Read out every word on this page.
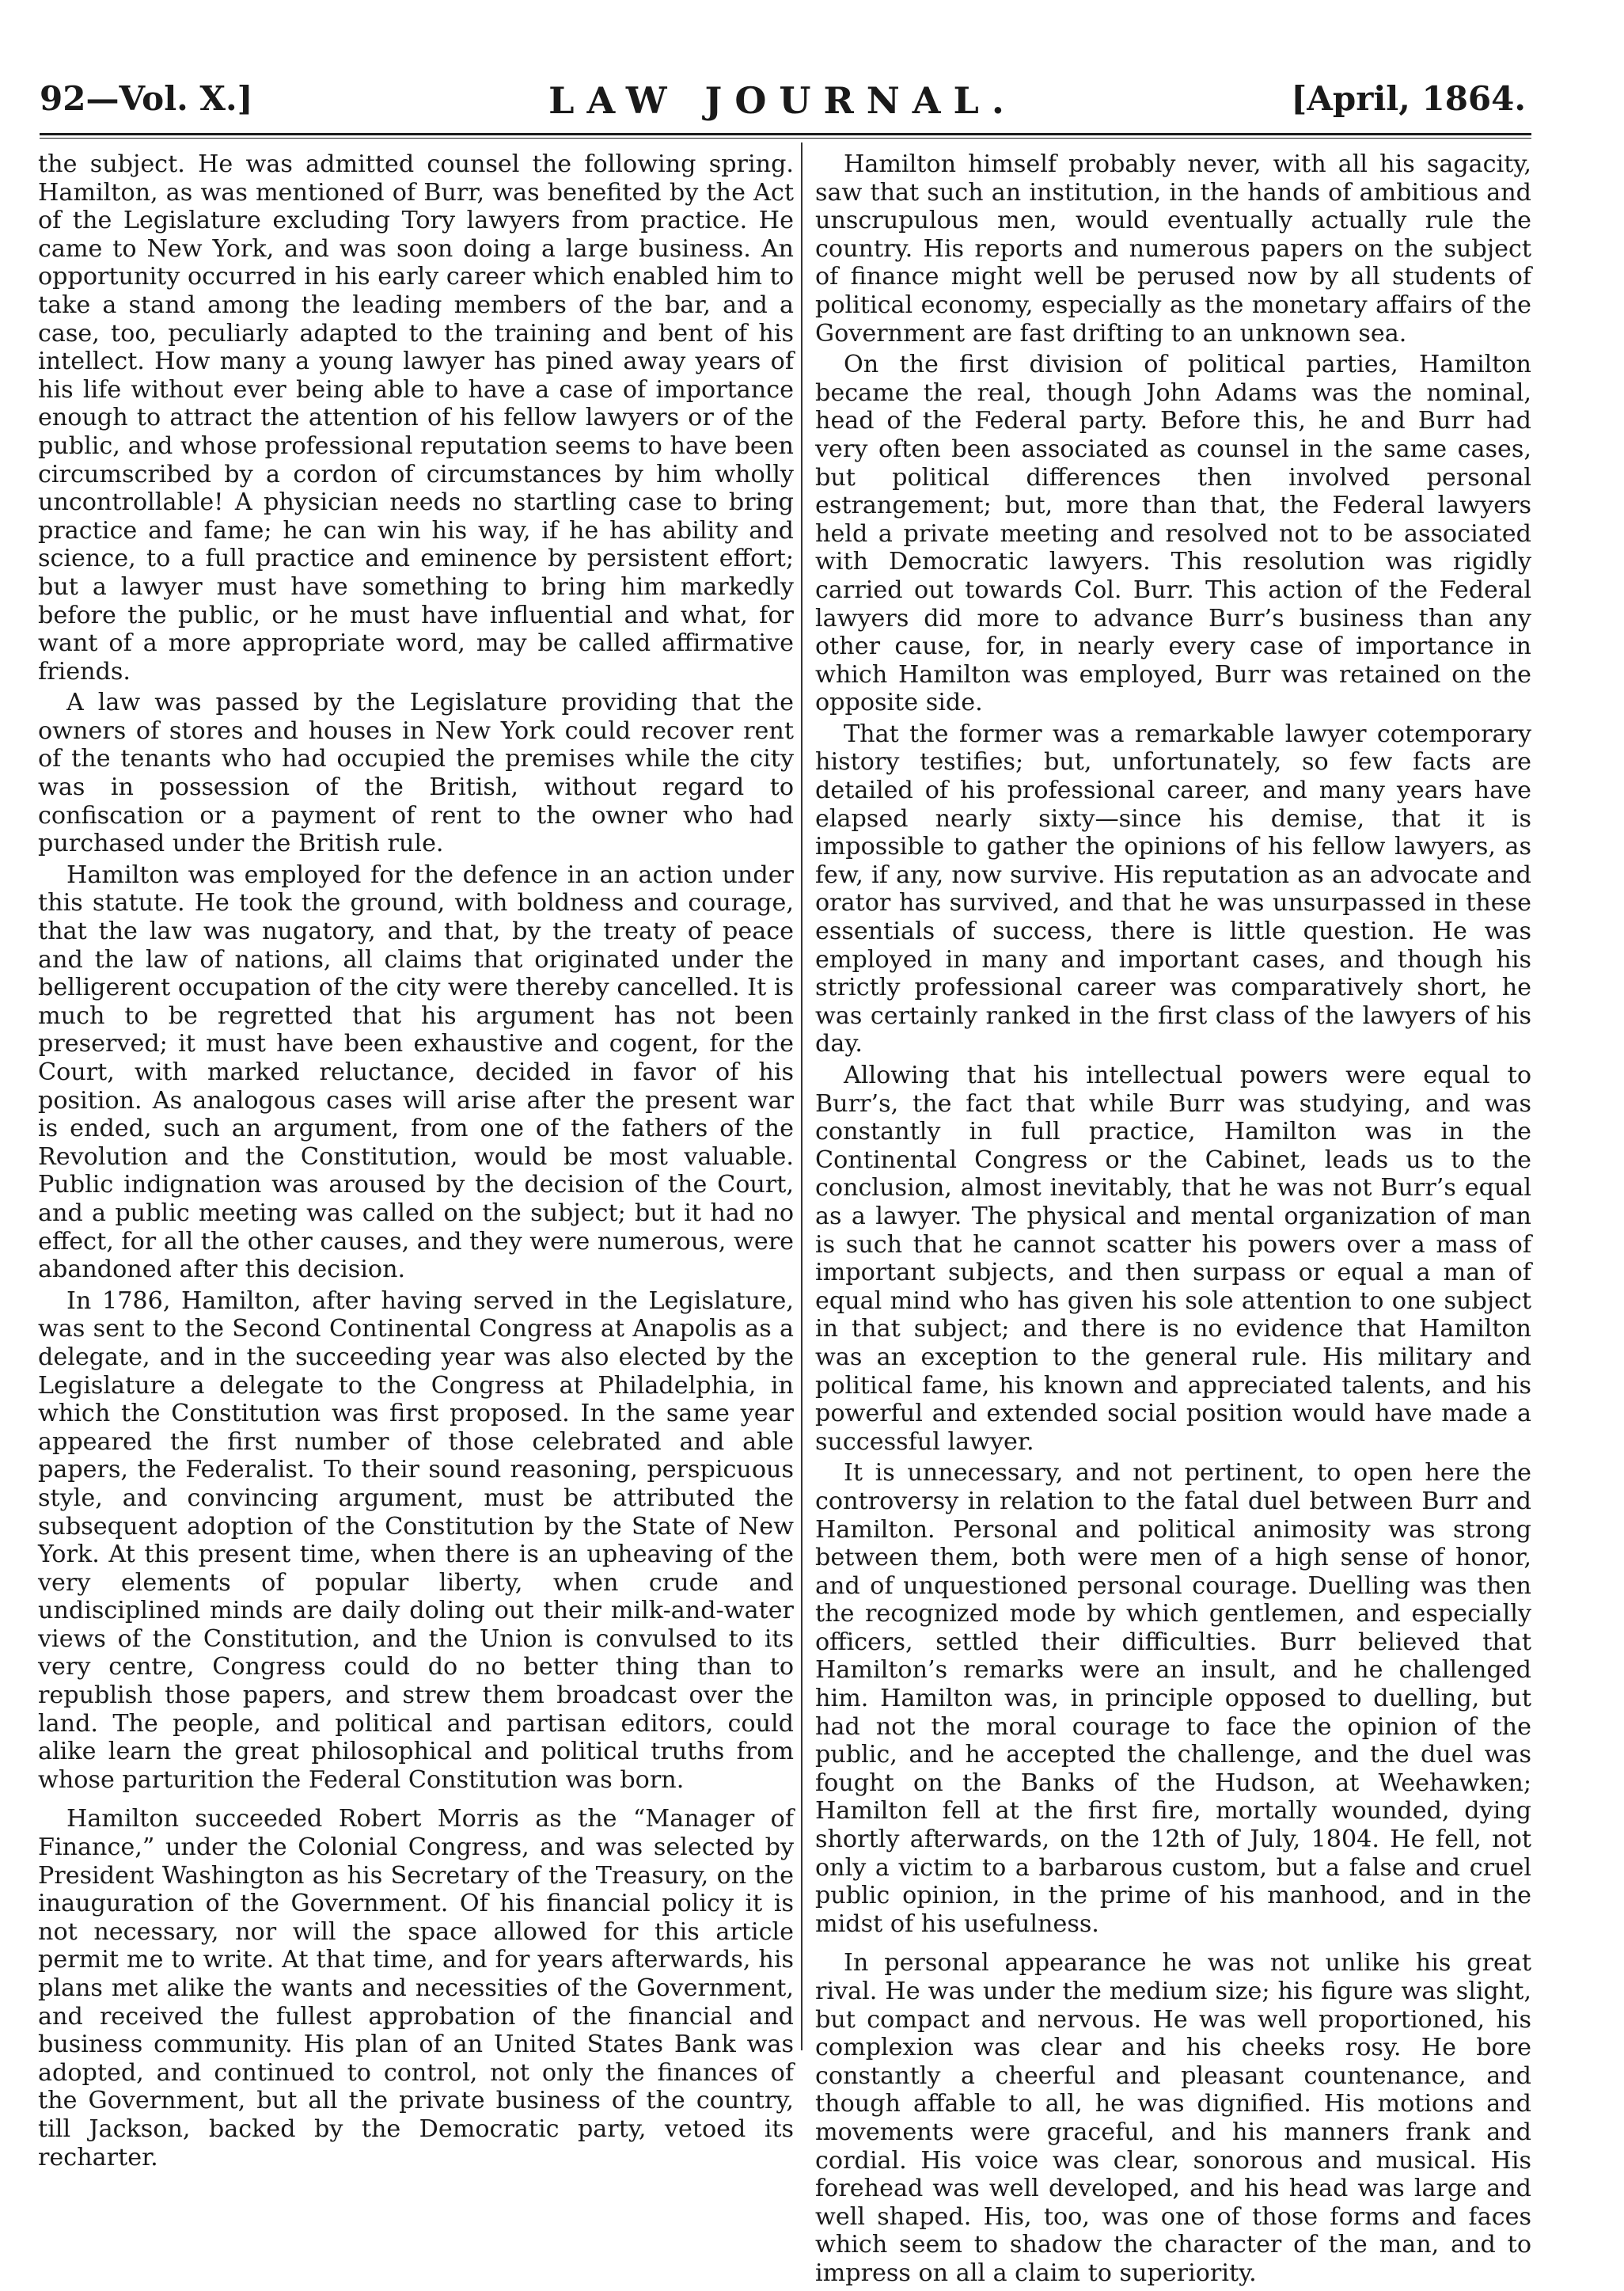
92—Vol. X.]	LAW JOURNAL.	[April, 1864.

the subject. He was admitted counsel the following spring. Hamilton, as was mentioned of Burr, was benefited by the Act of the Legislature excluding Tory lawyers from practice. He came to New York, and was soon doing a large business. An opportunity occurred in his early career which enabled him to take a stand among the leading members of the bar, and a case, too, peculiarly adapted to the training and bent of his intellect. How many a young lawyer has pined away years of his life without ever being able to have a case of importance enough to attract the attention of his fellow lawyers or of the public, and whose professional reputation seems to have been circumscribed by a cordon of circumstances by him wholly uncontrollable! A physician needs no startling case to bring practice and fame; he can win his way, if he has ability and science, to a full practice and eminence by persistent effort; but a lawyer must have something to bring him markedly before the public, or he must have influential and what, for want of a more appropriate word, may be called affirmative friends.

A law was passed by the Legislature providing that the owners of stores and houses in New York could recover rent of the tenants who had occupied the premises while the city was in possession of the British, without regard to confiscation or a payment of rent to the owner who had purchased under the British rule.

Hamilton was employed for the defence in an action under this statute. He took the ground, with boldness and courage, that the law was nugatory, and that, by the treaty of peace and the law of nations, all claims that originated under the belligerent occupation of the city were thereby cancelled. It is much to be regretted that his argument has not been preserved; it must have been exhaustive and cogent, for the Court, with marked reluctance, decided in favor of his position. As analogous cases will arise after the present war is ended, such an argument, from one of the fathers of the Revolution and the Constitution, would be most valuable. Public indignation was aroused by the decision of the Court, and a public meeting was called on the subject; but it had no effect, for all the other causes, and they were numerous, were abandoned after this decision.

In 1786, Hamilton, after having served in the Legislature, was sent to the Second Continental Congress at Anapolis as a delegate, and in the succeeding year was also elected by the Legislature a delegate to the Congress at Philadelphia, in which the Constitution was first proposed. In the same year appeared the first number of those celebrated and able papers, the Federalist. To their sound reasoning, perspicuous style, and convincing argument, must be attributed the subsequent adoption of the Constitution by the State of New York. At this present time, when there is an upheaving of the very elements of popular liberty, when crude and undisciplined minds are daily doling out their milk-and-water views of the Constitution, and the Union is convulsed to its very centre, Congress could do no better thing than to republish those papers, and strew them broadcast over the land. The people, and political and partisan editors, could alike learn the great philosophical and political truths from whose parturition the Federal Constitution was born.

Hamilton succeeded Robert Morris as the “Manager of Finance,” under the Colonial Congress, and was selected by President Washington as his Secretary of the Treasury, on the inauguration of the Government. Of his financial policy it is not necessary, nor will the space allowed for this article permit me to write. At that time, and for years afterwards, his plans met alike the wants and necessities of the Government, and received the fullest approbation of the financial and business community. His plan of an United States Bank was adopted, and continued to control, not only the finances of the Government, but all the private business of the country, till Jackson, backed by the Democratic party, vetoed its recharter.

Hamilton himself probably never, with all his sagacity, saw that such an institution, in the hands of ambitious and unscrupulous men, would eventually actually rule the country. His reports and numerous papers on the subject of finance might well be perused now by all students of political economy, especially as the monetary affairs of the Government are fast drifting to an unknown sea.

On the first division of political parties, Hamilton became the real, though John Adams was the nominal, head of the Federal party. Before this, he and Burr had very often been associated as counsel in the same cases, but political differences then involved personal estrangement; but, more than that, the Federal lawyers held a private meeting and resolved not to be associated with Democratic lawyers. This resolution was rigidly carried out towards Col. Burr. This action of the Federal lawyers did more to advance Burr’s business than any other cause, for, in nearly every case of importance in which Hamilton was employed, Burr was retained on the opposite side.

That the former was a remarkable lawyer cotemporary history testifies; but, unfortunately, so few facts are detailed of his professional career, and many years have elapsed nearly sixty—since his demise, that it is impossible to gather the opinions of his fellow lawyers, as few, if any, now survive. His reputation as an advocate and orator has survived, and that he was unsurpassed in these essentials of success, there is little question. He was employed in many and important cases, and though his strictly professional career was comparatively short, he was certainly ranked in the first class of the lawyers of his day.

Allowing that his intellectual powers were equal to Burr’s, the fact that while Burr was studying, and was constantly in full practice, Hamilton was in the Continental Congress or the Cabinet, leads us to the conclusion, almost inevitably, that he was not Burr’s equal as a lawyer. The physical and mental organization of man is such that he cannot scatter his powers over a mass of important subjects, and then surpass or equal a man of equal mind who has given his sole attention to one subject in that subject; and there is no evidence that Hamilton was an exception to the general rule. His military and political fame, his known and appreciated talents, and his powerful and extended social position would have made a successful lawyer.

It is unnecessary, and not pertinent, to open here the controversy in relation to the fatal duel between Burr and Hamilton. Personal and political animosity was strong between them, both were men of a high sense of honor, and of unquestioned personal courage. Duelling was then the recognized mode by which gentlemen, and especially officers, settled their difficulties. Burr believed that Hamilton’s remarks were an insult, and he challenged him. Hamilton was, in principle opposed to duelling, but had not the moral courage to face the opinion of the public, and he accepted the challenge, and the duel was fought on the Banks of the Hudson, at Weehawken; Hamilton fell at the first fire, mortally wounded, dying shortly afterwards, on the 12th of July, 1804. He fell, not only a victim to a barbarous custom, but a false and cruel public opinion, in the prime of his manhood, and in the midst of his usefulness.

In personal appearance he was not unlike his great rival. He was under the medium size; his figure was slight, but compact and nervous. He was well proportioned, his complexion was clear and his cheeks rosy. He bore constantly a cheerful and pleasant countenance, and though affable to all, he was dignified. His motions and movements were graceful, and his manners frank and cordial. His voice was clear, sonorous and musical. His forehead was well developed, and his head was large and well shaped. His, too, was one of those forms and faces which seem to shadow the character of the man, and to impress on all a claim to superiority.
